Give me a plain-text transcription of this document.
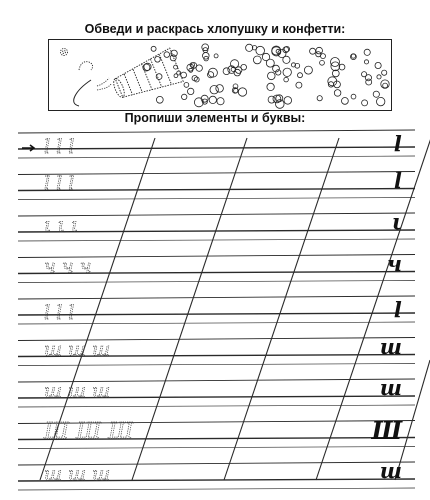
Обведи и раскрась хлопушку и конфетти:
Пропиши элементы и буквы:
ꞁ ꞁ ꞁ
l l l
ι ι ι
ч ч ч
ꞁ ꞁ ꞁ
ш ш ш
ш ш ш
Ш Ш Ш
ш ш ш
ꞁ
l
ι
ч
ꞁ
ш
ш
Ш
ш
